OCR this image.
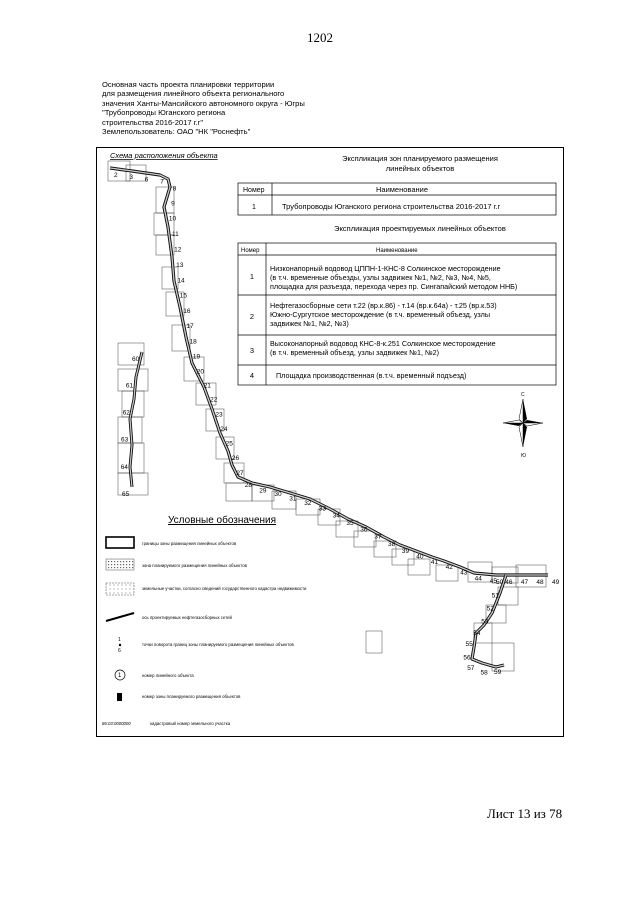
1202
Основная часть проекта планировки территории
для размещения линейного объекта регионального
значения Ханты-Мансийского автономного округа - Югры
"Трубопроводы Юганского региона
строительства 2016-2017 г.г"
Землепользователь: ОАО "НК "Роснефть"
Схема расположения объекта
2 3 6 7
8
9
10
11
12
13
14
15
16
17
18
19
20
21
22
23
24
25
26
27
28
29 30
31
32
33
34
35
36
37
38
39
40
41
42
43
44 45 46 47 48 49
50
51
52
53
54
55
56
57
58 59
60
61
62
63
64
65
Экспликация зон планируемого размещения
линейных объектов
Номер	Наименование
1	Трубопроводы Юганского региона строительства 2016-2017 г.г
Экспликация проектируемых линейных объектов
Номер	Наименование
1
Низконапорный водовод ЦППН-1-КНС-8 Солкинское месторождение
(в т.ч. временные объезды, узлы задвижек №1, №2, №3, №4, №5,
площадка для разъезда, перехода через пр. Сингапайский методом ННБ)
2
Нефтегазосборные сети т.22 (вр.к.86) - т.14 (вр.к.64а) - т.25 (вр.к.53)
Южно-Сургутское месторождение (в т.ч. временный объезд, узлы
задвижек №1, №2, №3)
3
Высоконапорный водовод КНС-8-к.251 Солкинское месторождение
(в т.ч. временный объезд, узлы задвижек №1, №2)
4	Площадка производственная (в.т.ч. временный подъезд)
С
Ю
Условные обозначения
границы зоны размещения линейных объектов
зона планируемого размещения линейных объектов
земельные участки, согласно сведений государственного кадастра недвижимости
ось проектируемых нефтегазосборных сетей
1
6
точки поворота границ зоны планируемого размещения линейных объектов
1	номер линейного объекта
номер зоны планируемого размещения объектов
86:03:0000000	кадастровый номер земельного участка
Лист 13 из 78
